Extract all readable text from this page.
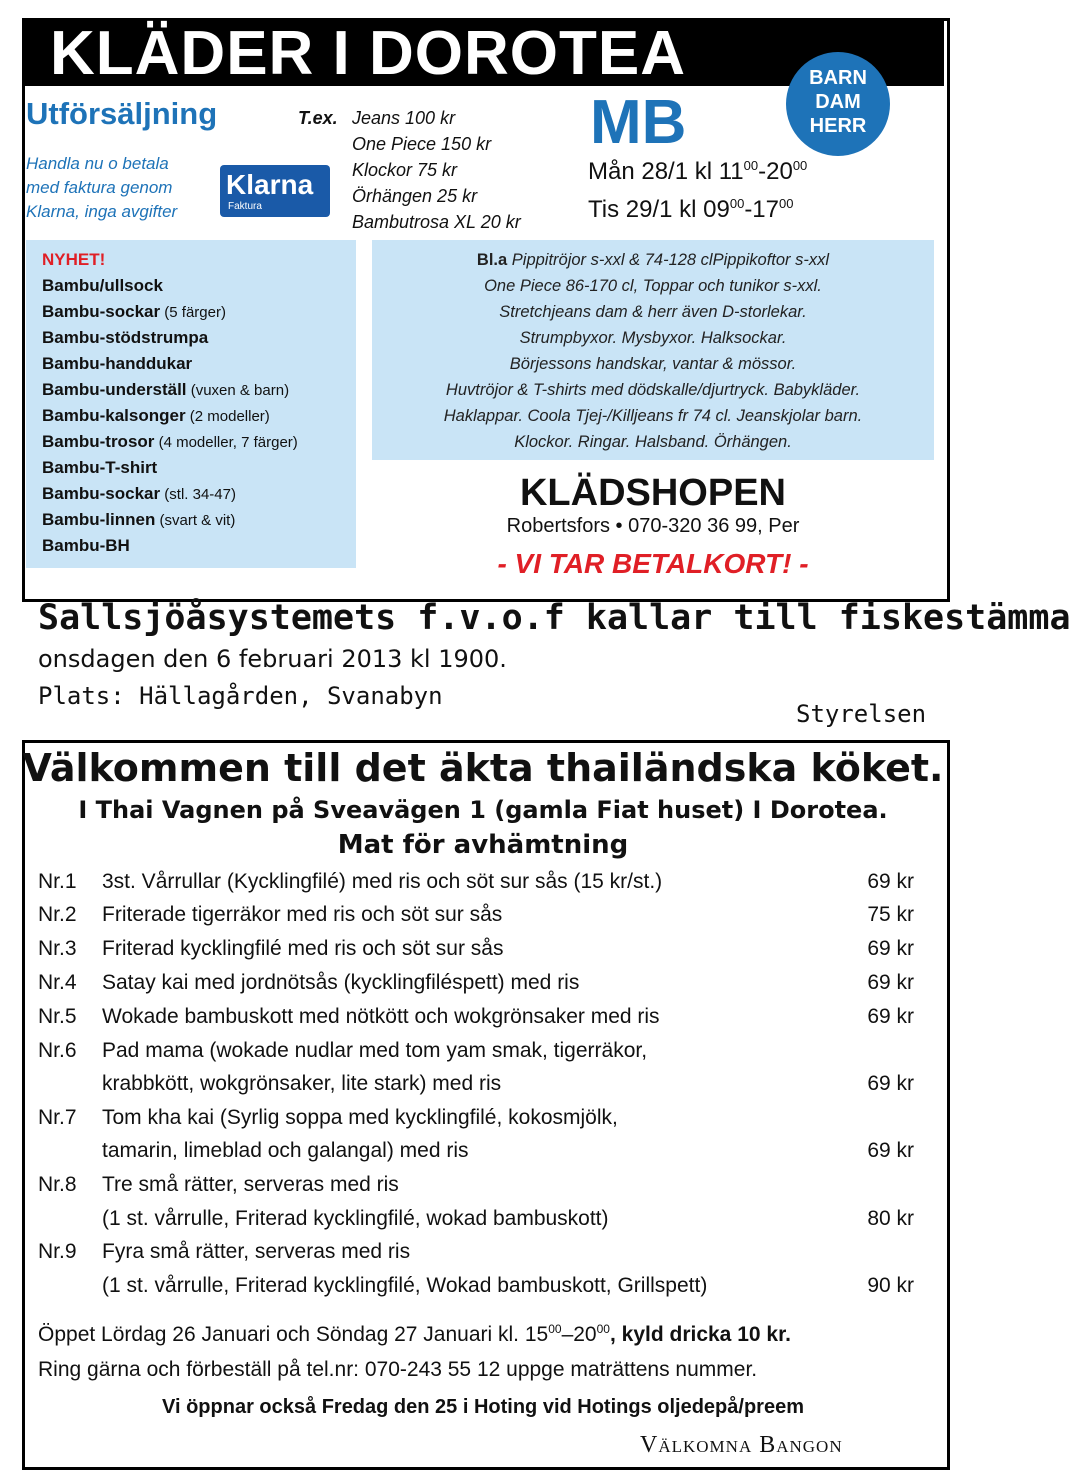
KLÄDER I DOROTEA	BARN
DAM
HERR
Utförsäljning
Handla nu o betala
med faktura genom
Klarna, inga avgifter
Klarna
Faktura
T.ex. Jeans 100 kr
One Piece 150 kr
Klockor 75 kr
Örhängen 25 kr
Bambutrosa XL 20 kr
MB
Mån 28/1 kl $11^{00}-20^{00}$
Tis 29/1 kl $09^{00}-17^{00}$
NYHET!
Bambu/ullsock
Bambu-sockar (5 färger)
Bambu-stödstrumpa
Bambu-handdukar
Bambu-underställ (vuxen & barn)
Bambu-kalsonger (2 modeller)
Bambu-trosor (4 modeller, 7 färger)
Bambu-T-shirt
Bambu-sockar (stl. 34-47)
Bambu-linnen (svart & vit)
Bambu-BH
Bl.a Pippitröjor s-xxl & 74-128 clPippikoftor s-xxl
One Piece 86-170 cl, Toppar och tunikor s-xxl.
Stretchjeans dam & herr även D-storlekar.
Strumpbyxor. Mysbyxor. Halksockar.
Börjessons handskar, vantar & mössor.
Huvtröjor & T-shirts med dödskalle/djurtryck. Babykläder.
Haklappar. Coola Tjej-/Killjeans fr 74 cl. Jeanskjolar barn.
Klockor. Ringar. Halsband. Örhängen.
KLÄDSHOPEN
Robertsfors • 070-320 36 99, Per
- VI TAR BETALKORT! -
Sallsjöåsystemets f.v.o.f kallar till fiskestämma
onsdagen den 6 februari 2013 kl 1900.
Plats: Hällagården, Svanabyn
Styrelsen
Välkommen till det äkta thailändska köket.
I Thai Vagnen på Sveavägen 1 (gamla Fiat huset) I Dorotea.
Mat för avhämtning
Nr.1 3st. Vårrullar (Kycklingfilé) med ris och söt sur sås (15 kr/st.)	69 kr
Nr.2 Friterade tigerräkor med ris och söt sur sås	75 kr
Nr.3 Friterad kycklingfilé med ris och söt sur sås	69 kr
Nr.4 Satay kai med jordnötsås (kycklingfiléspett) med ris	69 kr
Nr.5 Wokade bambuskott med nötkött och wokgrönsaker med ris	69 kr
Nr.6 Pad mama (wokade nudlar med tom yam smak, tigerräkor,
krabbkött, wokgrönsaker, lite stark) med ris	69 kr
Nr.7 Tom kha kai (Syrlig soppa med kycklingfilé, kokosmjölk,
tamarin, limeblad och galangal) med ris	69 kr
Nr.8 Tre små rätter, serveras med ris
(1 st. vårrulle, Friterad kycklingfilé, wokad bambuskott)	80 kr
Nr.9 Fyra små rätter, serveras med ris
(1 st. vårrulle, Friterad kycklingfilé, Wokad bambuskott, Grillspett)	90 kr
Öppet Lördag 26 Januari och Söndag 27 Januari kl. $15^{00}-20^{00}$, kyld dricka 10 kr.
Ring gärna och förbeställ på tel.nr: 070-243 55 12 uppge maträttens nummer.
Vi öppnar också Fredag den 25 i Hoting vid Hotings oljedepå/preem
Välkomna Bangon
